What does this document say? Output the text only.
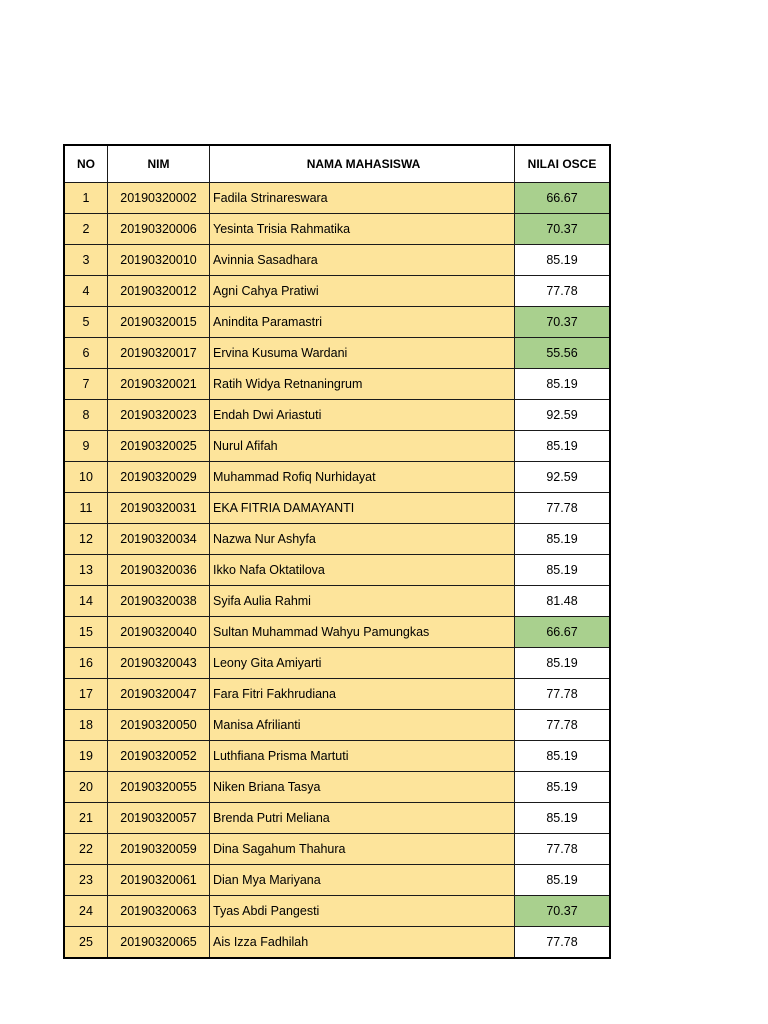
NO	NIM	NAMA MAHASISWA	NILAI OSCE
1	20190320002	Fadila Strinareswara	66.67
2	20190320006	Yesinta Trisia Rahmatika	70.37
3	20190320010	Avinnia Sasadhara	85.19
4	20190320012	Agni Cahya Pratiwi	77.78
5	20190320015	Anindita Paramastri	70.37
6	20190320017	Ervina Kusuma Wardani	55.56
7	20190320021	Ratih Widya Retnaningrum	85.19
8	20190320023	Endah Dwi Ariastuti	92.59
9	20190320025	Nurul Afifah	85.19
10	20190320029	Muhammad Rofiq Nurhidayat	92.59
11	20190320031	EKA FITRIA DAMAYANTI	77.78
12	20190320034	Nazwa Nur Ashyfa	85.19
13	20190320036	Ikko Nafa Oktatilova	85.19
14	20190320038	Syifa Aulia Rahmi	81.48
15	20190320040	Sultan Muhammad Wahyu Pamungkas	66.67
16	20190320043	Leony Gita Amiyarti	85.19
17	20190320047	Fara Fitri Fakhrudiana	77.78
18	20190320050	Manisa Afrilianti	77.78
19	20190320052	Luthfiana Prisma Martuti	85.19
20	20190320055	Niken Briana Tasya	85.19
21	20190320057	Brenda Putri Meliana	85.19
22	20190320059	Dina Sagahum Thahura	77.78
23	20190320061	Dian Mya Mariyana	85.19
24	20190320063	Tyas Abdi Pangesti	70.37
25	20190320065	Ais Izza Fadhilah	77.78
